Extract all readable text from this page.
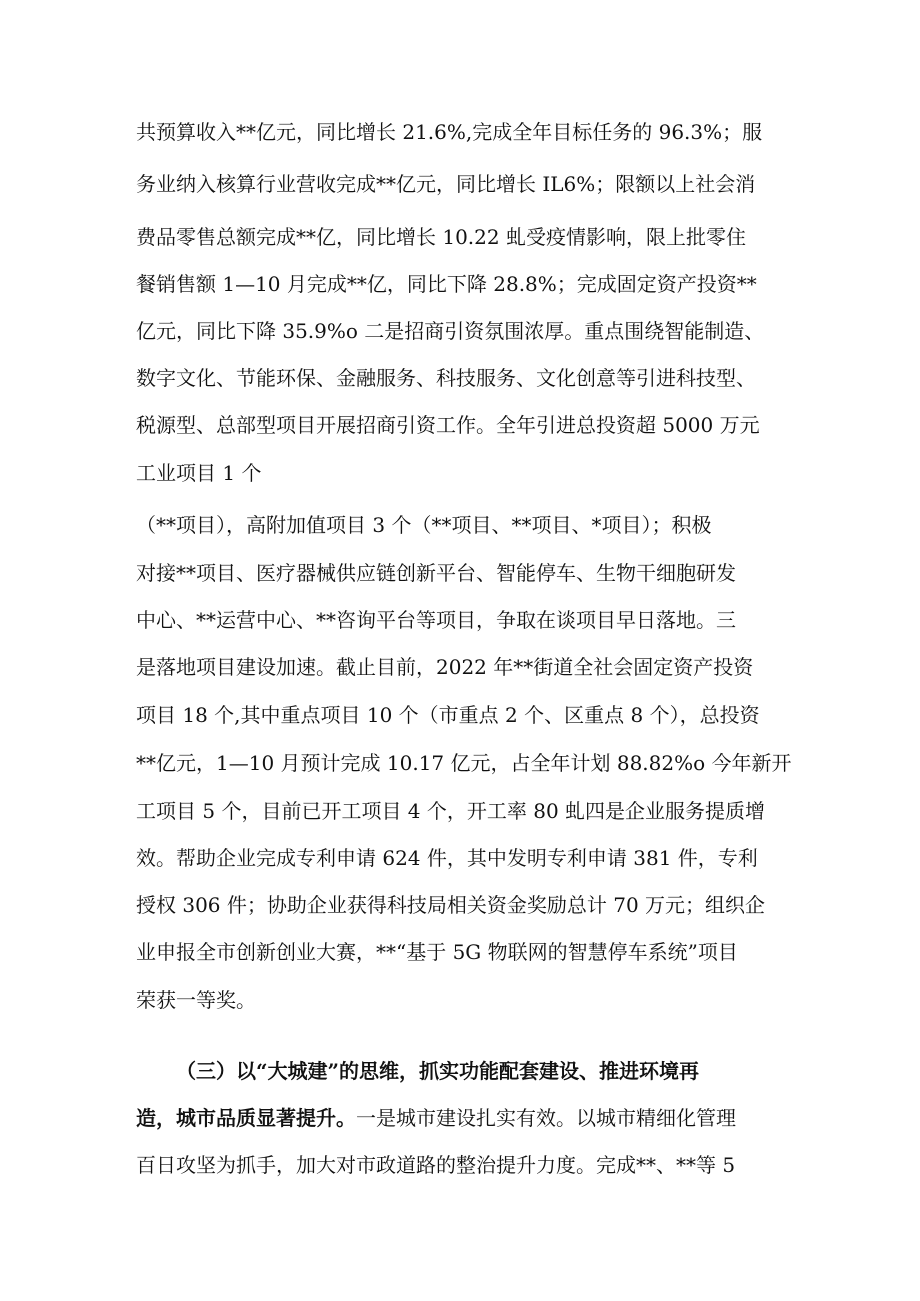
共预算收入**亿元，同比增长 21.6%,完成全年目标任务的 96.3%；服
务业纳入核算行业营收完成**亿元，同比增长 IL6%；限额以上社会消
费品零售总额完成**亿，同比增长 10.22 虬受疫情影响，限上批零住
餐销售额 1—10 月完成**亿，同比下降 28.8%；完成固定资产投资**
亿元，同比下降 35.9%o 二是招商引资氛围浓厚。重点围绕智能制造、
数字文化、节能环保、金融服务、科技服务、文化创意等引进科技型、
税源型、总部型项目开展招商引资工作。全年引进总投资超 5000 万元
工业项目 1 个
（**项目），高附加值项目 3 个（**项目、**项目、*项目）；积极
对接**项目、医疗器械供应链创新平台、智能停车、生物干细胞研发
中心、**运营中心、**咨询平台等项目，争取在谈项目早日落地。三
是落地项目建设加速。截止目前，2022 年**街道全社会固定资产投资
项目 18 个,其中重点项目 10 个（市重点 2 个、区重点 8 个），总投资
**亿元，1—10 月预计完成 10.17 亿元，占全年计划 88.82%o 今年新开
工项目 5 个，目前已开工项目 4 个，开工率 80 虬四是企业服务提质增
效。帮助企业完成专利申请 624 件，其中发明专利申请 381 件，专利
授权 306 件；协助企业获得科技局相关资金奖励总计 70 万元；组织企
业申报全市创新创业大赛，**“基于 5G 物联网的智慧停车系统”项目
荣获一等奖。
（三）以“大城建”的思维，抓实功能配套建设、推进环境再
造，城市品质显著提升。一是城市建设扎实有效。以城市精细化管理
百日攻坚为抓手，加大对市政道路的整治提升力度。完成**、**等 5
